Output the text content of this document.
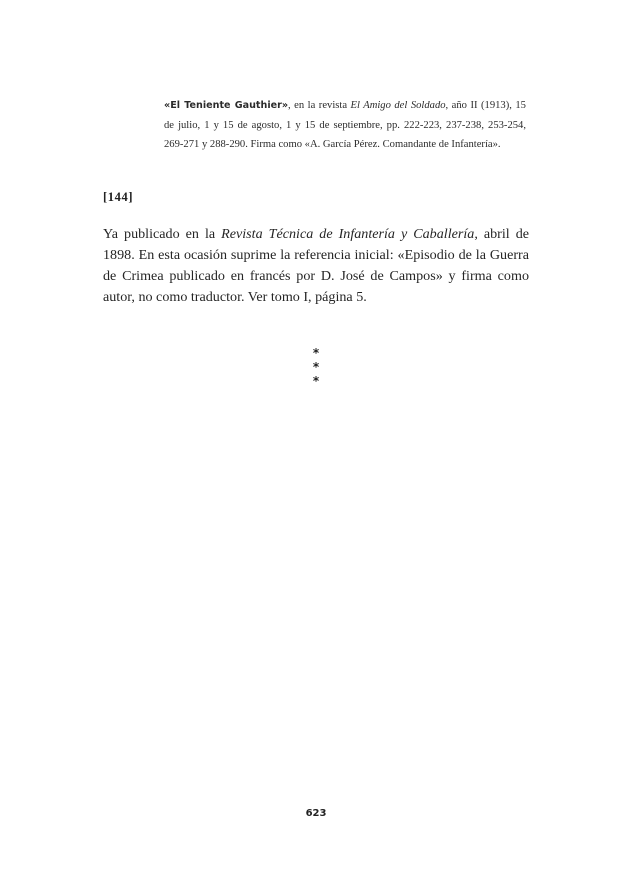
«El Teniente Gauthier», en la revista El Amigo del Soldado, año II (1913), 15 de julio, 1 y 15 de agosto, 1 y 15 de septiembre, pp. 222-223, 237-238, 253-254, 269-271 y 288-290. Firma como «A. García Pérez. Comandante de Infantería».
[144]
Ya publicado en la Revista Técnica de Infantería y Caballería, abril de 1898. En esta ocasión suprime la referencia inicial: «Episodio de la Guerra de Crimea publicado en francés por D. José de Campos» y firma como autor, no como traductor. Ver tomo I, página 5.
*
*
*
623
